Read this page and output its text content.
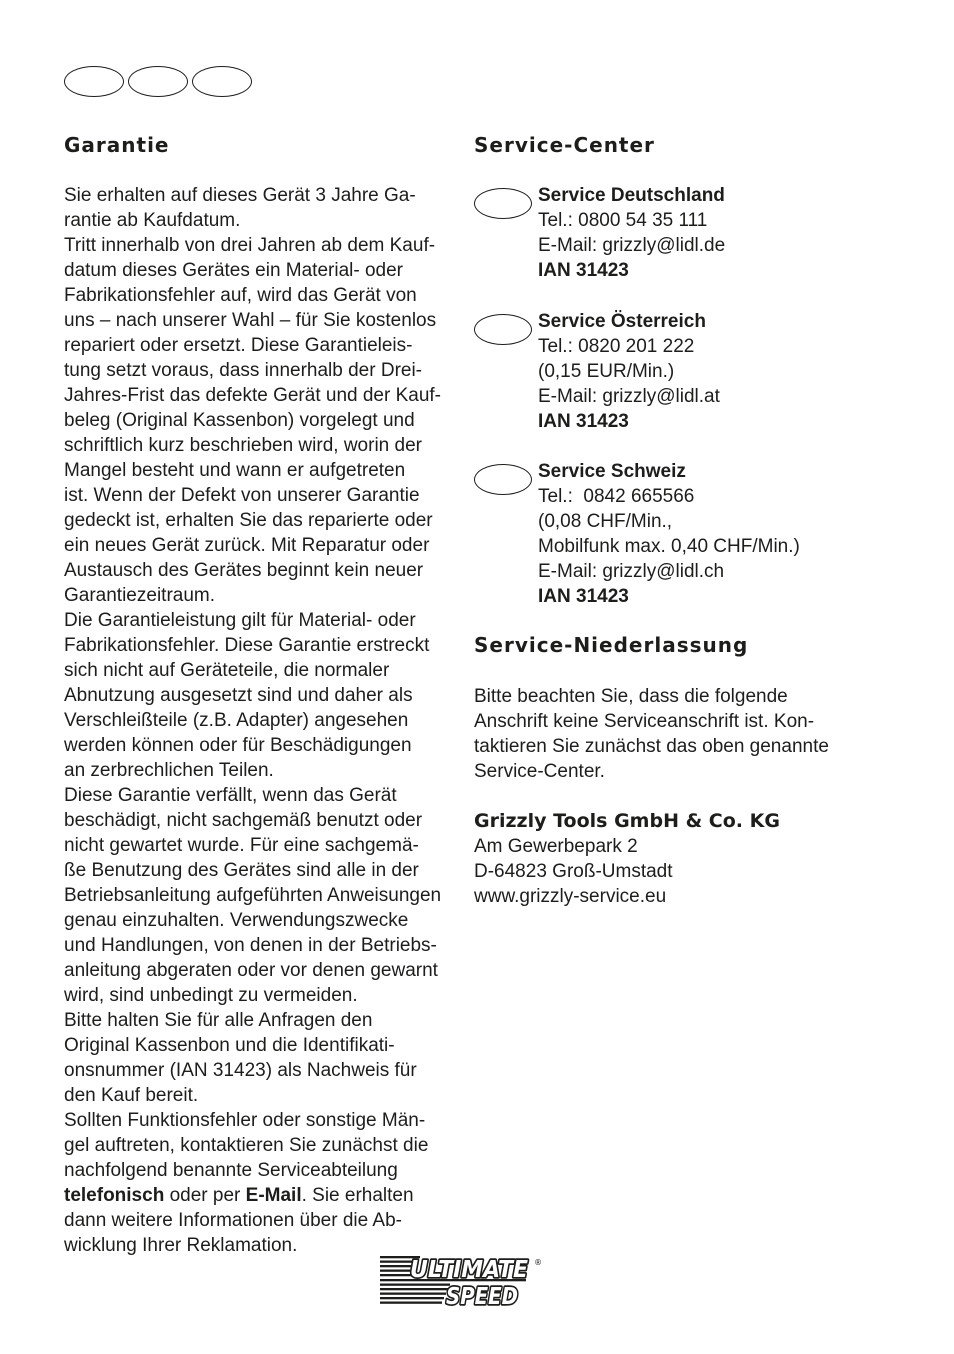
Garantie
Sie erhalten auf dieses Gerät 3 Jahre Ga-
rantie ab Kaufdatum.
Tritt innerhalb von drei Jahren ab dem Kauf-
datum dieses Gerätes ein Material- oder
Fabrikationsfehler auf, wird das Gerät von
uns – nach unserer Wahl – für Sie kostenlos
repariert oder ersetzt. Diese Garantieleis-
tung setzt voraus, dass innerhalb der Drei-
Jahres-Frist das defekte Gerät und der Kauf-
beleg (Original Kassenbon) vorgelegt und
schriftlich kurz beschrieben wird, worin der
Mangel besteht und wann er aufgetreten
ist. Wenn der Defekt von unserer Garantie
gedeckt ist, erhalten Sie das reparierte oder
ein neues Gerät zurück. Mit Reparatur oder
Austausch des Gerätes beginnt kein neuer
Garantiezeitraum.
Die Garantieleistung gilt für Material- oder
Fabrikationsfehler. Diese Garantie erstreckt
sich nicht auf Geräteteile, die normaler
Abnutzung ausgesetzt sind und daher als
Verschleißteile (z.B. Adapter) angesehen
werden können oder für Beschädigungen
an zerbrechlichen Teilen.
Diese Garantie verfällt, wenn das Gerät
beschädigt, nicht sachgemäß benutzt oder
nicht gewartet wurde. Für eine sachgemä-
ße Benutzung des Gerätes sind alle in der
Betriebsanleitung aufgeführten Anweisungen
genau einzuhalten. Verwendungszwecke
und Handlungen, von denen in der Betriebs-
anleitung abgeraten oder vor denen gewarnt
wird, sind unbedingt zu vermeiden.
Bitte halten Sie für alle Anfragen den
Original Kassenbon und die Identifikati-
onsnummer (IAN 31423) als Nachweis für
den Kauf bereit.
Sollten Funktionsfehler oder sonstige Män-
gel auftreten, kontaktieren Sie zunächst die
nachfolgend benannte Serviceabteilung
telefonisch oder per E-Mail. Sie erhalten
dann weitere Informationen über die Ab-
wicklung Ihrer Reklamation.
Service-Center
Service Deutschland
Tel.: 0800 54 35 111
E-Mail: grizzly@lidl.de
IAN 31423
Service Österreich
Tel.: 0820 201 222
(0,15 EUR/Min.)
E-Mail: grizzly@lidl.at
IAN 31423
Service Schweiz
Tel.:  0842 665566
(0,08 CHF/Min.,
Mobilfunk max. 0,40 CHF/Min.)
E-Mail: grizzly@lidl.ch
IAN 31423
Service-Niederlassung
Bitte beachten Sie, dass die folgende
Anschrift keine Serviceanschrift ist. Kon-
taktieren Sie zunächst das oben genannte
Service-Center.
Grizzly Tools GmbH & Co. KG
Am Gewerbepark 2
D-64823 Groß-Umstadt
www.grizzly-service.eu
ULTIMATE
SPEED
®
